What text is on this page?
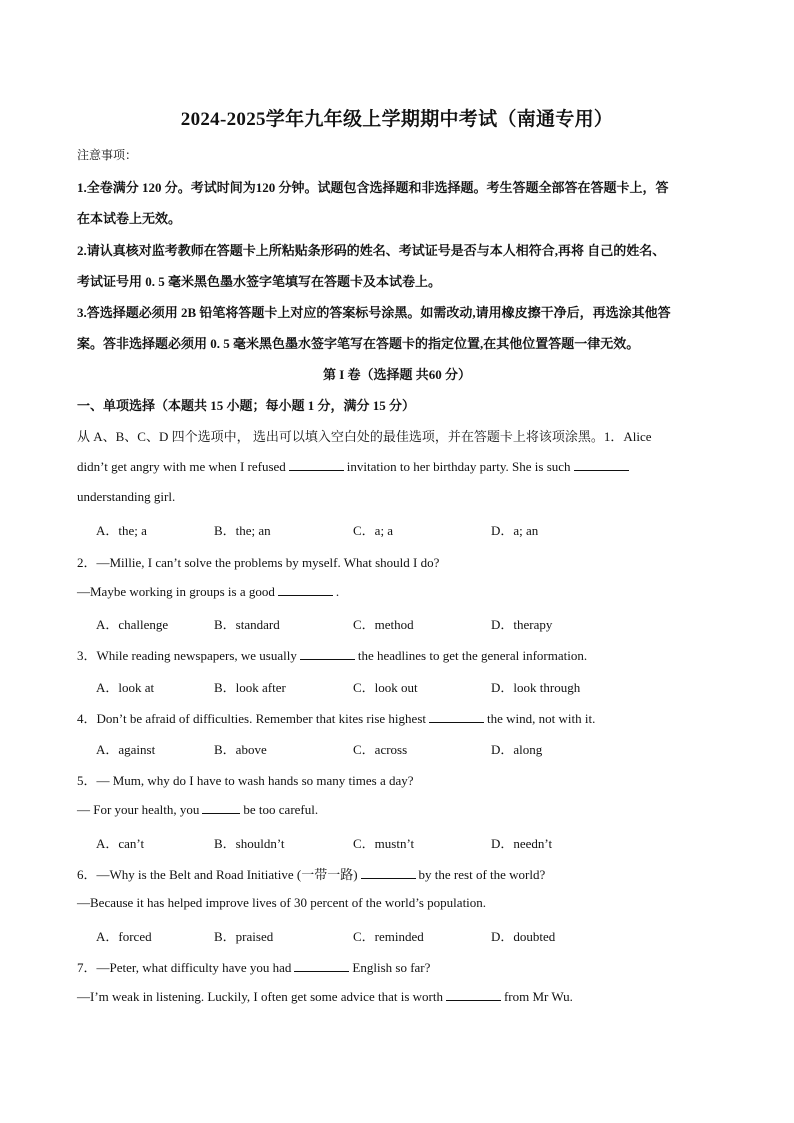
2024-2025学年九年级上学期期中考试（南通专用）
注意事项：
1.全卷满分 120 分。考试时间为120 分钟。试题包含选择题和非选择题。考生答题全部答在答题卡上，答
在本试卷上无效。
2.请认真核对监考教师在答题卡上所粘贴条形码的姓名、考试证号是否与本人相符合,再将 自己的姓名、
考试证号用 0. 5 毫米黑色墨水签字笔填写在答题卡及本试卷上。
3.答选择题必须用 2B 铅笔将答题卡上对应的答案标号涂黑。如需改动,请用橡皮擦干净后，再选涂其他答
案。答非选择题必须用 0. 5 毫米黑色墨水签字笔写在答题卡的指定位置,在其他位置答题一律无效。
第 I 卷（选择题 共60 分）
一、单项选择（本题共 15 小题；每小题 1 分，满分 15 分）
从 A、B、C、D 四个选项中， 选出可以填入空白处的最佳选项，并在答题卡上将该项涂黑。1．Alice
didn’t get angry with me when I refused	invitation to her birthday party. She is such
understanding girl.
A．the; a	B．the; an	C．a; a	D．a; an
2．—Millie, I can’t solve the problems by myself. What should I do?
—Maybe working in groups is a good	.
A．challenge	B．standard	C．method	D．therapy
3．While reading newspapers, we usually	the headlines to get the general information.
A．look at	B．look after	C．look out	D．look through
4．Don’t be afraid of difficulties. Remember that kites rise highest	the wind, not with it.
A．against	B．above	C．across	D．along
5．— Mum, why do I have to wash hands so many times a day?
— For your health, you	be too careful.
A．can’t	B．shouldn’t	C．mustn’t	D．needn’t
6．—Why is the Belt and Road Initiative (一带一路)	by the rest of the world?
—Because it has helped improve lives of 30 percent of the world’s population.
A．forced	B．praised	C．reminded	D．doubted
7．—Peter, what difficulty have you had	English so far?
—I’m weak in listening. Luckily, I often get some advice that is worth	from Mr Wu.
